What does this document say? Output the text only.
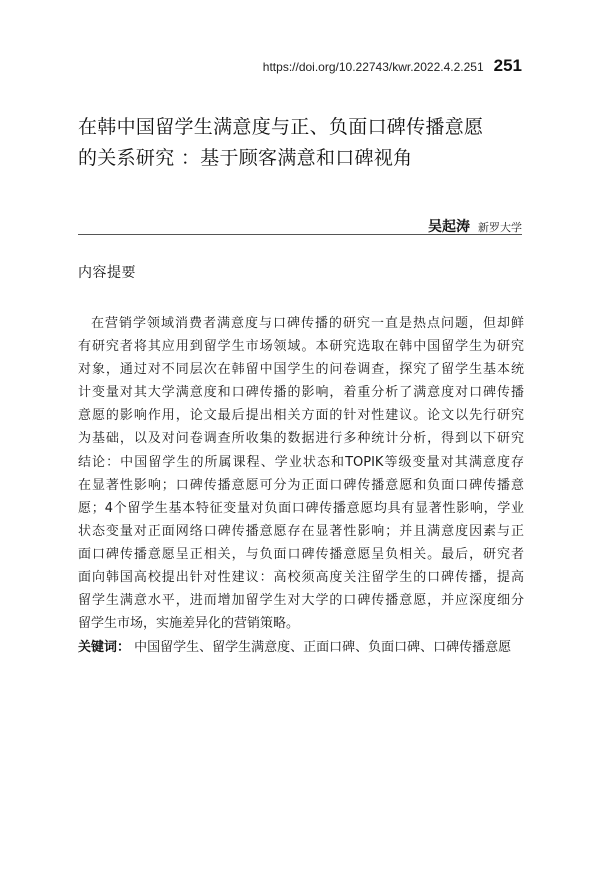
https://doi.org/10.22743/kwr.2022.4.2.251 251
在韩中国留学生满意度与正、负面口碑传播意愿
的关系研究 ：基于顾客满意和口碑视角
吴起涛 新罗大学
内容提要
在营销学领域消费者满意度与口碑传播的研究一直是热点问题，但却鲜
有研究者将其应用到留学生市场领域。本研究选取在韩中国留学生为研究
对象，通过对不同层次在韩留中国学生的问卷调查，探究了留学生基本统
计变量对其大学满意度和口碑传播的影响，着重分析了满意度对口碑传播
意愿的影响作用，论文最后提出相关方面的针对性建议。论文以先行研究
为基础，以及对问卷调查所收集的数据进行多种统计分析，得到以下研究
结论：中国留学生的所属课程、学业状态和TOPIK等级变量对其满意度存
在显著性影响；口碑传播意愿可分为正面口碑传播意愿和负面口碑传播意
愿；4个留学生基本特征变量对负面口碑传播意愿均具有显著性影响，学业
状态变量对正面网络口碑传播意愿存在显著性影响；并且满意度因素与正
面口碑传播意愿呈正相关，与负面口碑传播意愿呈负相关。最后，研究者
面向韩国高校提出针对性建议：高校须高度关注留学生的口碑传播，提高
留学生满意水平，进而增加留学生对大学的口碑传播意愿，并应深度细分
留学生市场，实施差异化的营销策略。
关键词： 中国留学生、留学生满意度、正面口碑、负面口碑、口碑传播意愿
